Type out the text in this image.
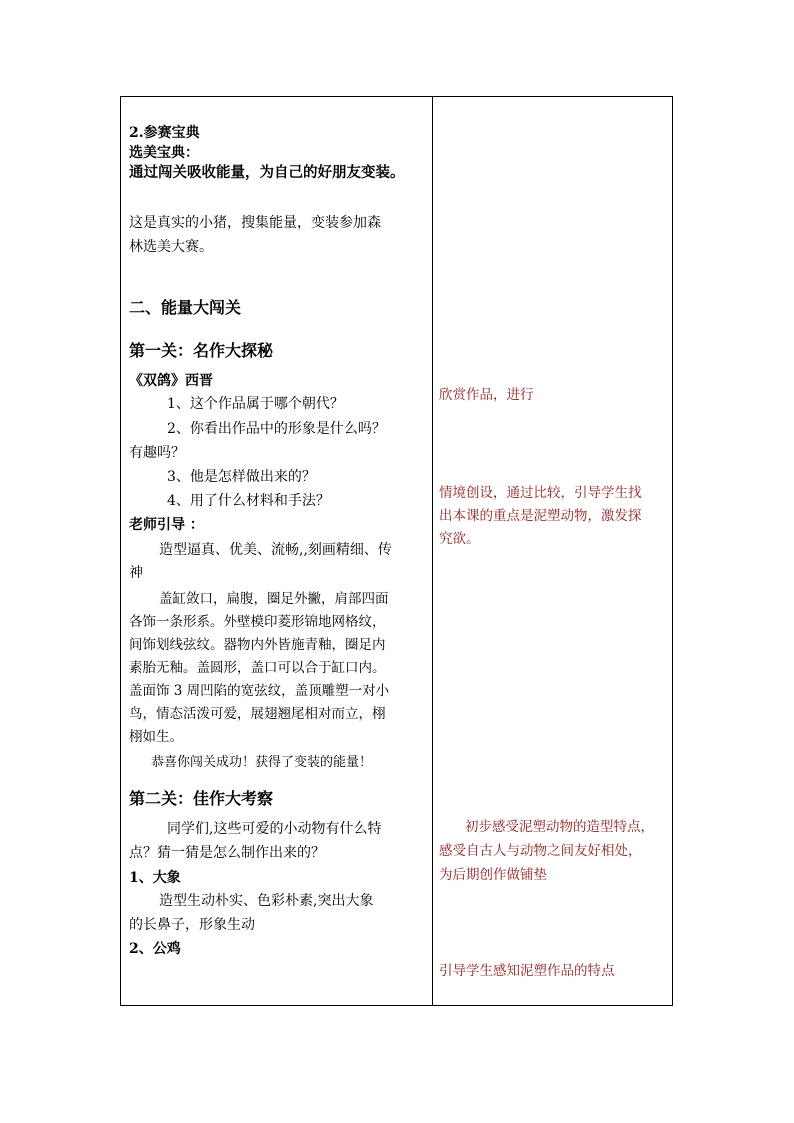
2.参赛宝典
选美宝典：
通过闯关吸收能量，为自己的好朋友变装。
这是真实的小猪，搜集能量，变装参加森
林选美大赛。
二、能量大闯关
第一关：名作大探秘
《双鸽》西晋
1、这个作品属于哪个朝代？
2、你看出作品中的形象是什么吗？
有趣吗？
3、他是怎样做出来的？
4、用了什么材料和手法？
老师引导 ：
造型逼真、优美、流畅,,刻画精细、传
神
盖缸敛口，扁腹，圈足外撇，肩部四面
各饰一条形系。外壁模印菱形锦地网格纹，
间饰划线弦纹。器物内外皆施青釉，圈足内
素胎无釉。盖圆形，盖口可以合于缸口内。
盖面饰 3 周凹陷的宽弦纹，盖顶雕塑一对小
鸟，情态活泼可爱，展翅翘尾相对而立，栩
栩如生。
恭喜你闯关成功！获得了变装的能量！
第二关：佳作大考察
同学们,这些可爱的小动物有什么特
点？猜一猜是怎么制作出来的？
1、大象
造型生动朴实、色彩朴素,突出大象
的长鼻子，形象生动
2、公鸡
欣赏作品，进行
情境创设，通过比较，引导学生找
出本课的重点是泥塑动物，激发探
究欲。
初步感受泥塑动物的造型特点，
感受自古人与动物之间友好相处，
为后期创作做铺垫
引导学生感知泥塑作品的特点
